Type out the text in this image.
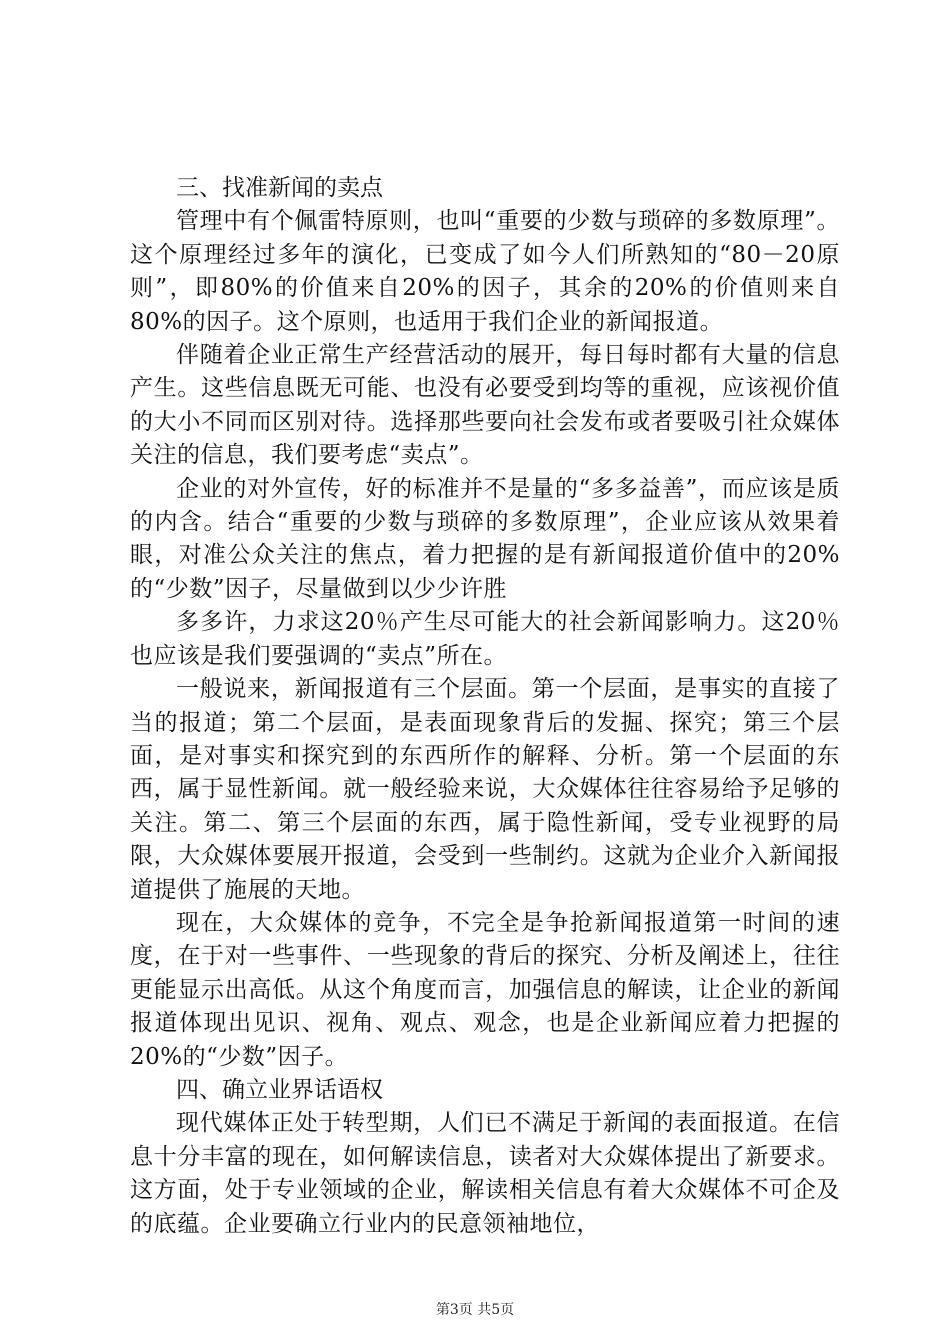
三、找准新闻的卖点

管理中有个佩雷特原则，也叫“重要的少数与琐碎的多数原理”。这个原理经过多年的演化，已变成了如今人们所熟知的“80－20原则”，即80%的价值来自20%的因子，其余的20%的价值则来自80%的因子。这个原则，也适用于我们企业的新闻报道。

伴随着企业正常生产经营活动的展开，每日每时都有大量的信息产生。这些信息既无可能、也没有必要受到均等的重视，应该视价值的大小不同而区别对待。选择那些要向社会发布或者要吸引社众媒体关注的信息，我们要考虑“卖点”。

企业的对外宣传，好的标准并不是量的“多多益善”，而应该是质的内含。结合“重要的少数与琐碎的多数原理”，企业应该从效果着眼，对准公众关注的焦点，着力把握的是有新闻报道价值中的20%的“少数”因子，尽量做到以少少许胜

多多许，力求这20％产生尽可能大的社会新闻影响力。这20％也应该是我们要强调的“卖点”所在。

一般说来，新闻报道有三个层面。第一个层面，是事实的直接了当的报道；第二个层面，是表面现象背后的发掘、探究；第三个层面，是对事实和探究到的东西所作的解释、分析。第一个层面的东西，属于显性新闻。就一般经验来说，大众媒体往往容易给予足够的关注。第二、第三个层面的东西，属于隐性新闻，受专业视野的局限，大众媒体要展开报道，会受到一些制约。这就为企业介入新闻报道提供了施展的天地。

现在，大众媒体的竞争，不完全是争抢新闻报道第一时间的速度，在于对一些事件、一些现象的背后的探究、分析及阐述上，往往更能显示出高低。从这个角度而言，加强信息的解读，让企业的新闻报道体现出见识、视角、观点、观念，也是企业新闻应着力把握的20%的“少数”因子。

四、确立业界话语权

现代媒体正处于转型期，人们已不满足于新闻的表面报道。在信息十分丰富的现在，如何解读信息，读者对大众媒体提出了新要求。这方面，处于专业领域的企业，解读相关信息有着大众媒体不可企及的底蕴。企业要确立行业内的民意领袖地位，

第3页 共5页
